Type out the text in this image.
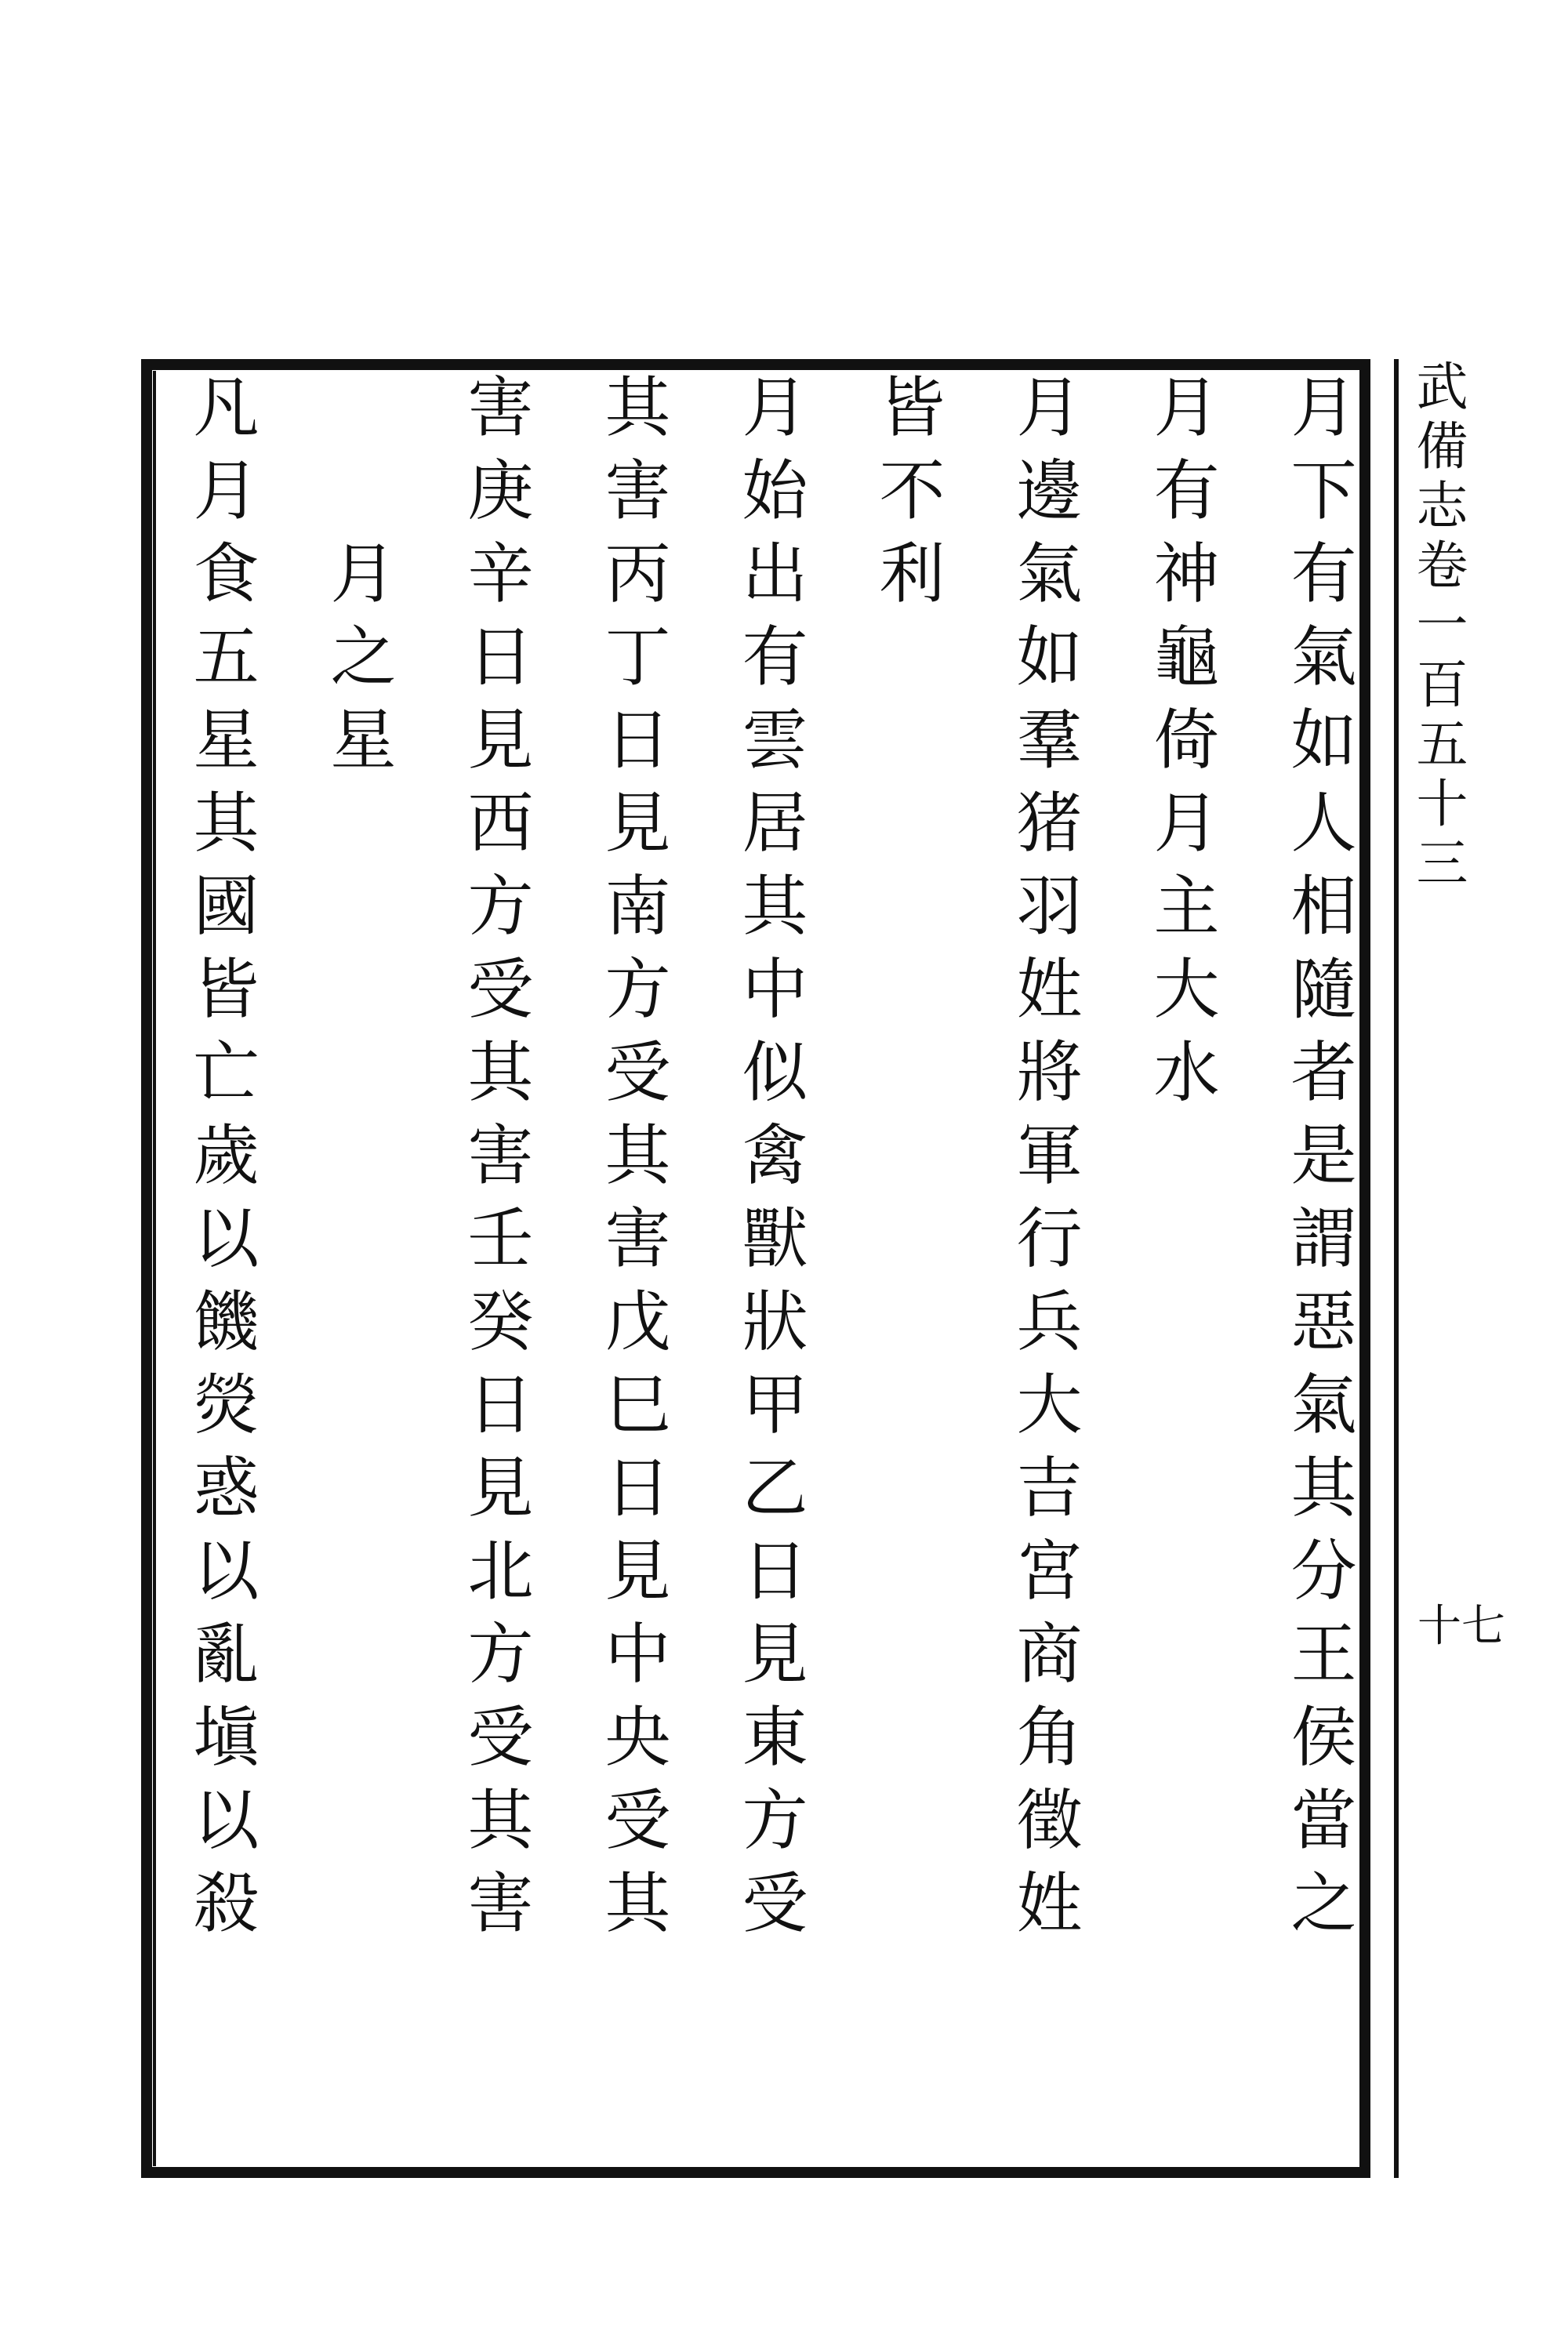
武備志卷一百五十三
十七
月下有氣如人相隨者是謂惡氣其分王侯當之
月有神龜倚月主大水
月邊氣如羣猪羽姓將軍行兵大吉宮商角徵姓
皆不利
月始出有雲居其中似禽獸狀甲乙日見東方受
其害丙丁日見南方受其害戊巳日見中央受其
害庚辛日見西方受其害壬癸日見北方受其害
　　月之星
凡月食五星其國皆亡歲以饑熒惑以亂塡以殺
